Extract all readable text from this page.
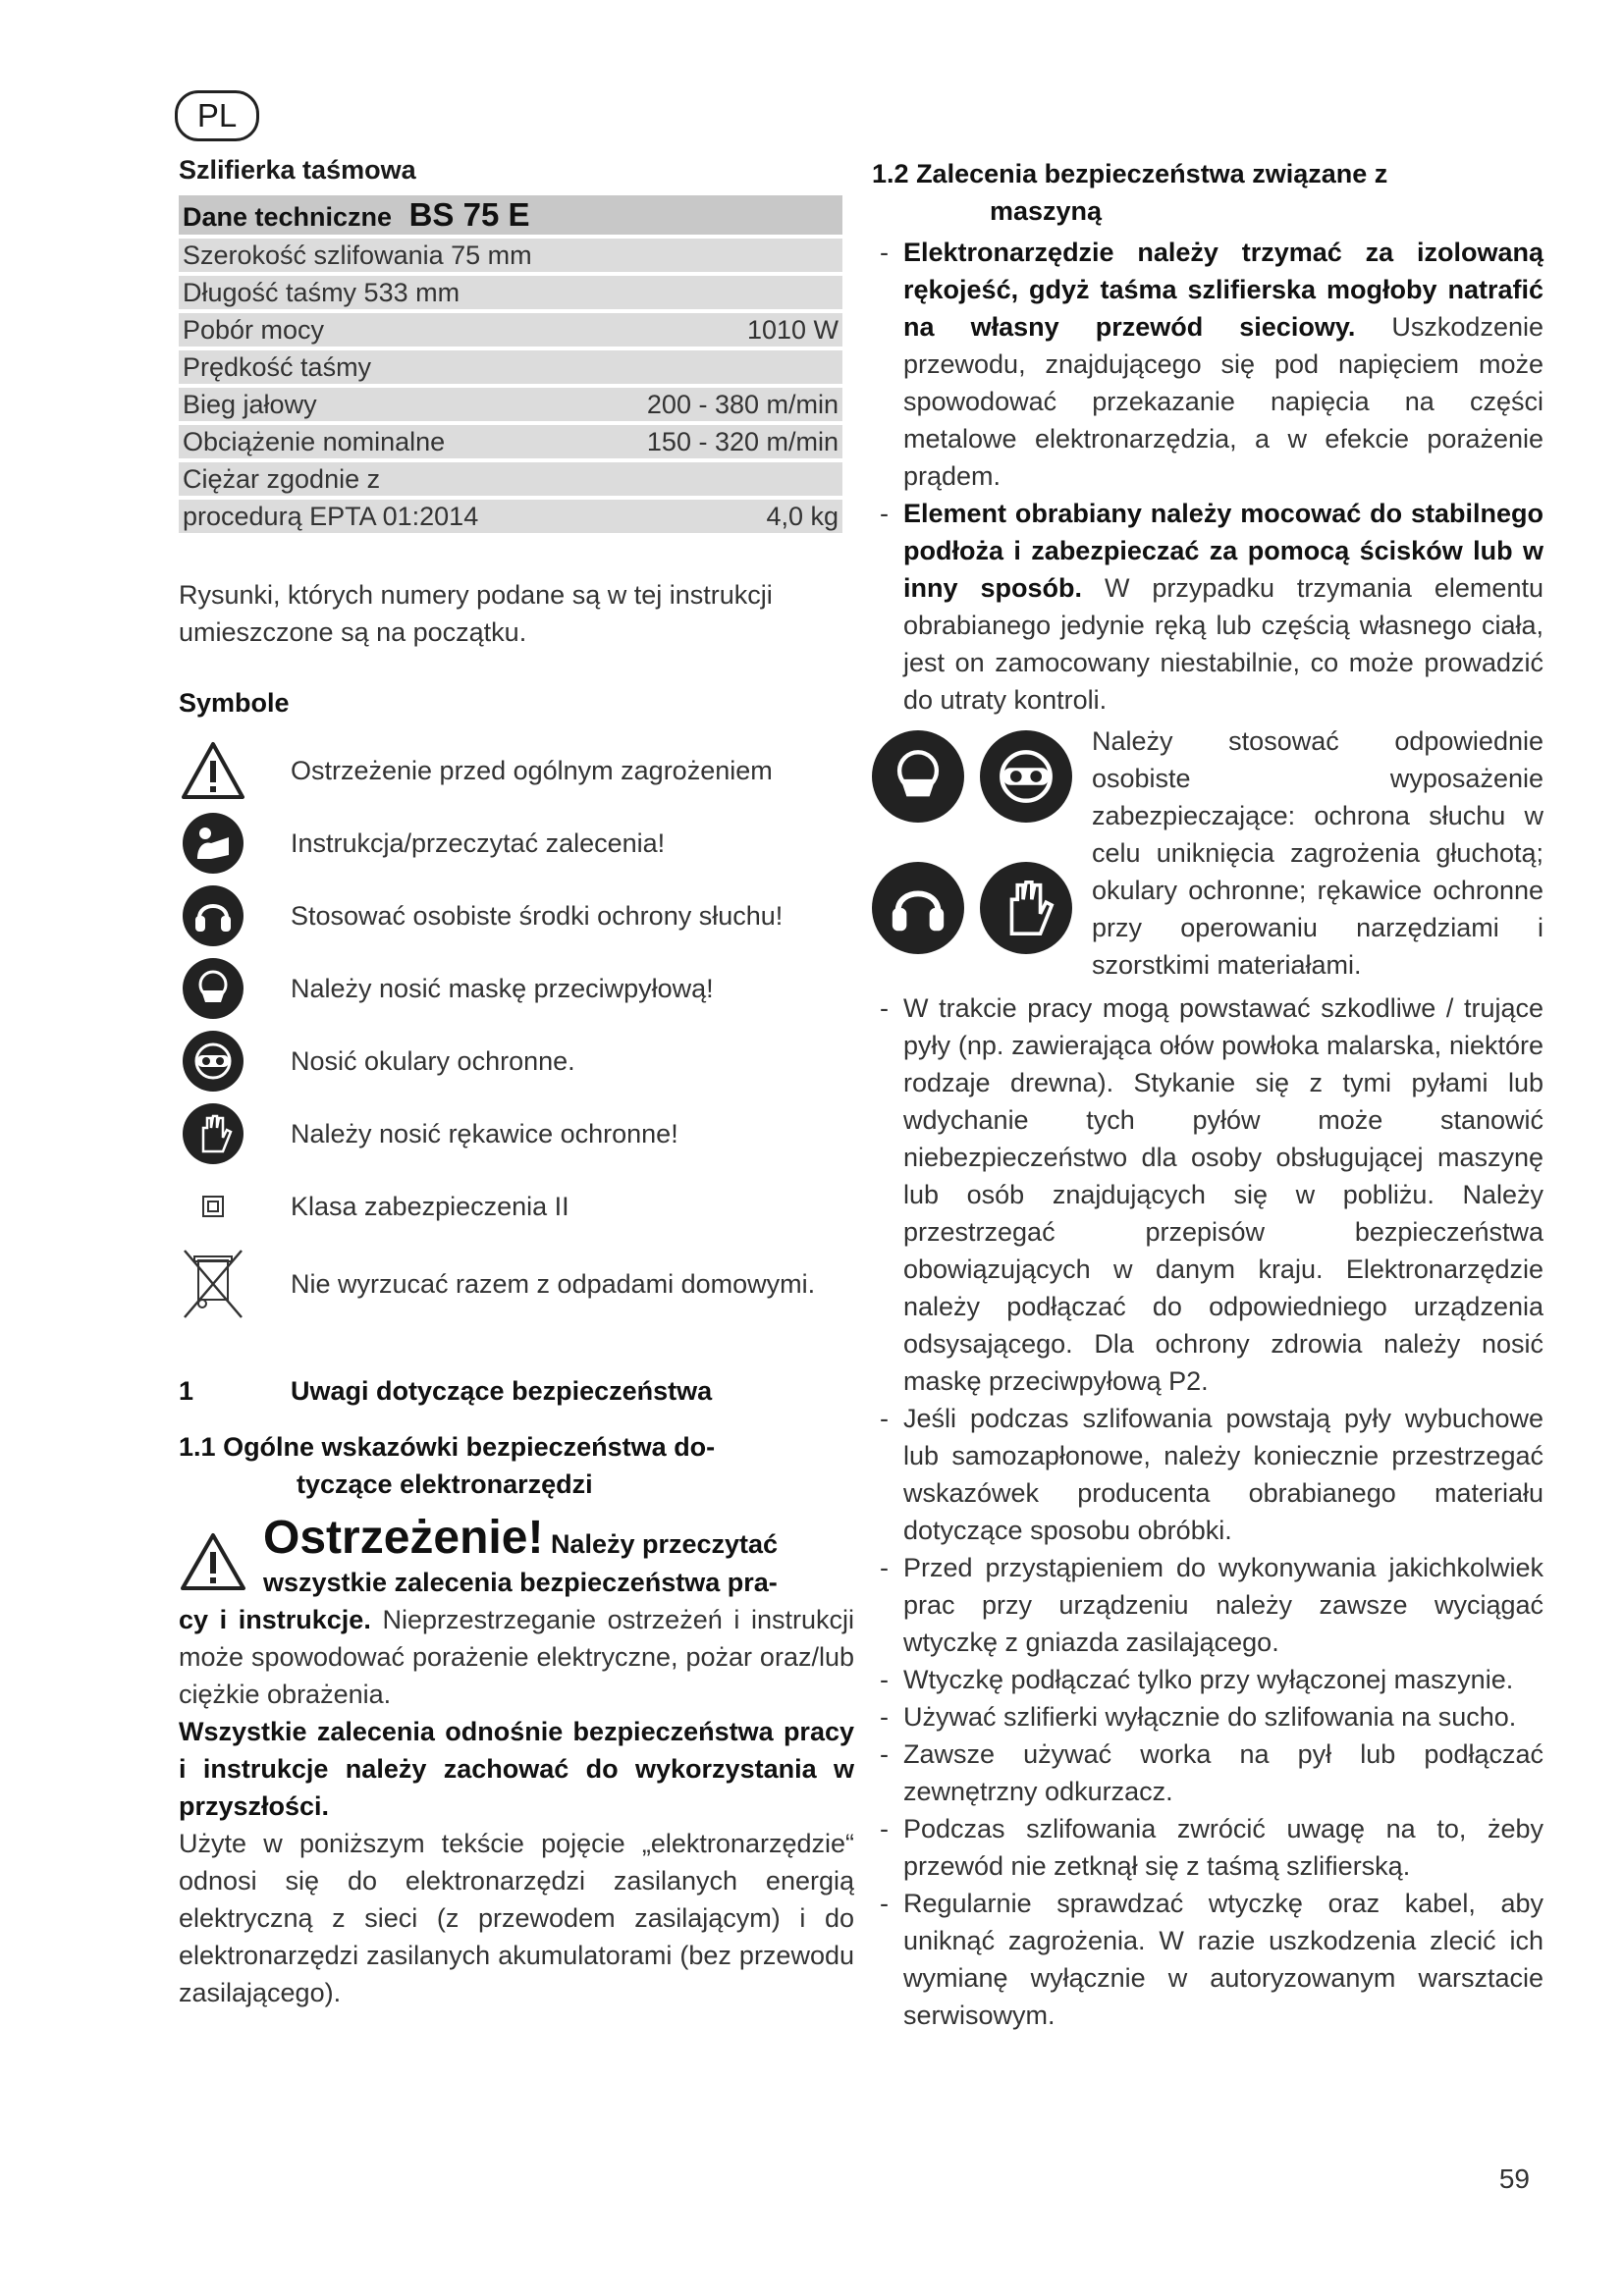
PL
Szlifierka taśmowa
Dane techniczne BS 75 E	
Szerokość szlifowania 75 mm	
Długość taśmy 533 mm	
Pobór mocy	1010 W
Prędkość taśmy	
Bieg jałowy	200 - 380 m/min
Obciążenie nominalne	150 - 320 m/min
Ciężar zgodnie z	
procedurą EPTA 01:2014	4,0 kg

Rysunki, których numery podane są w tej instrukcji umieszczone są na początku.

Symbole
Ostrzeżenie przed ogólnym zagrożeniem
Instrukcja/przeczytać zalecenia!
Stosować osobiste środki ochrony słuchu!
Należy nosić maskę przeciwpyłową!
Nosić okulary ochronne.
Należy nosić rękawice ochronne!
Klasa zabezpieczenia II
Nie wyrzucać razem z odpadami domowymi.
1	Uwagi dotyczące bezpieczeństwa
1.1 Ogólne wskazówki bezpieczeństwa do-
tyczące elektronarzędzi

Ostrzeżenie! Należy przeczytać

wszystkie zalecenia bezpieczeństwa pra-

cy i instrukcje. Nieprzestrzeganie ostrzeżeń i instrukcji może spowodować porażenie elektryczne, pożar oraz/lub ciężkie obrażenia.

Wszystkie zalecenia odnośnie bezpieczeństwa pracy i instrukcje należy zachować do wykorzystania w przyszłości.

Użyte w poniższym tekście pojęcie „elektronarzędzie“ odnosi się do elektronarzędzi zasilanych energią elektryczną z sieci (z przewodem zasilającym) i do elektronarzędzi zasilanych akumulatorami (bez przewodu zasilającego).

1.2 Zalecenia bezpieczeństwa związane z
maszyną
- Elektronarzędzie należy trzymać za izolowaną rękojeść, gdyż taśma szlifierska mogłoby natrafić na własny przewód sieciowy. Uszkodzenie przewodu, znajdującego się pod napięciem może spowodować przekazanie napięcia na części metalowe elektronarzędzia, a w efekcie porażenie prądem.
- Element obrabiany należy mocować do stabilnego podłoża i zabezpieczać za pomocą ścisków lub w inny sposób. W przypadku trzymania elementu obrabianego jedynie ręką lub częścią własnego ciała, jest on zamocowany niestabilnie, co może prowadzić do utraty kontroli.
Należy stosować odpowiednie osobiste wyposażenie zabezpieczające: ochrona słuchu w celu uniknięcia zagrożenia głuchotą; okulary ochronne; rękawice ochronne przy operowaniu narzędziami i szorstkimi materiałami.
- W trakcie pracy mogą powstawać szkodliwe / trujące pyły (np. zawierająca ołów powłoka malarska, niektóre rodzaje drewna). Stykanie się z tymi pyłami lub wdychanie tych pyłów może stanowić niebezpieczeństwo dla osoby obsługującej maszynę lub osób znajdujących się w pobliżu. Należy przestrzegać przepisów bezpieczeństwa obowiązujących w danym kraju. Elektronarzędzie należy podłączać do odpowiedniego urządzenia odsysającego. Dla ochrony zdrowia należy nosić maskę przeciwpyłową P2.
- Jeśli podczas szlifowania powstają pyły wybuchowe lub samozapłonowe, należy koniecznie przestrzegać wskazówek producenta obrabianego materiału dotyczące sposobu obróbki.
- Przed przystąpieniem do wykonywania jakichkolwiek prac przy urządzeniu należy zawsze wyciągać wtyczkę z gniazda zasilającego.
- Wtyczkę podłączać tylko przy wyłączonej maszynie.
- Używać szlifierki wyłącznie do szlifowania na sucho.
- Zawsze używać worka na pył lub podłączać zewnętrzny odkurzacz.
- Podczas szlifowania zwrócić uwagę na to, żeby przewód nie zetknął się z taśmą szlifierską.
- Regularnie sprawdzać wtyczkę oraz kabel, aby uniknąć zagrożenia. W razie uszkodzenia zlecić ich wymianę wyłącznie w autoryzowanym warsztacie serwisowym.
59
